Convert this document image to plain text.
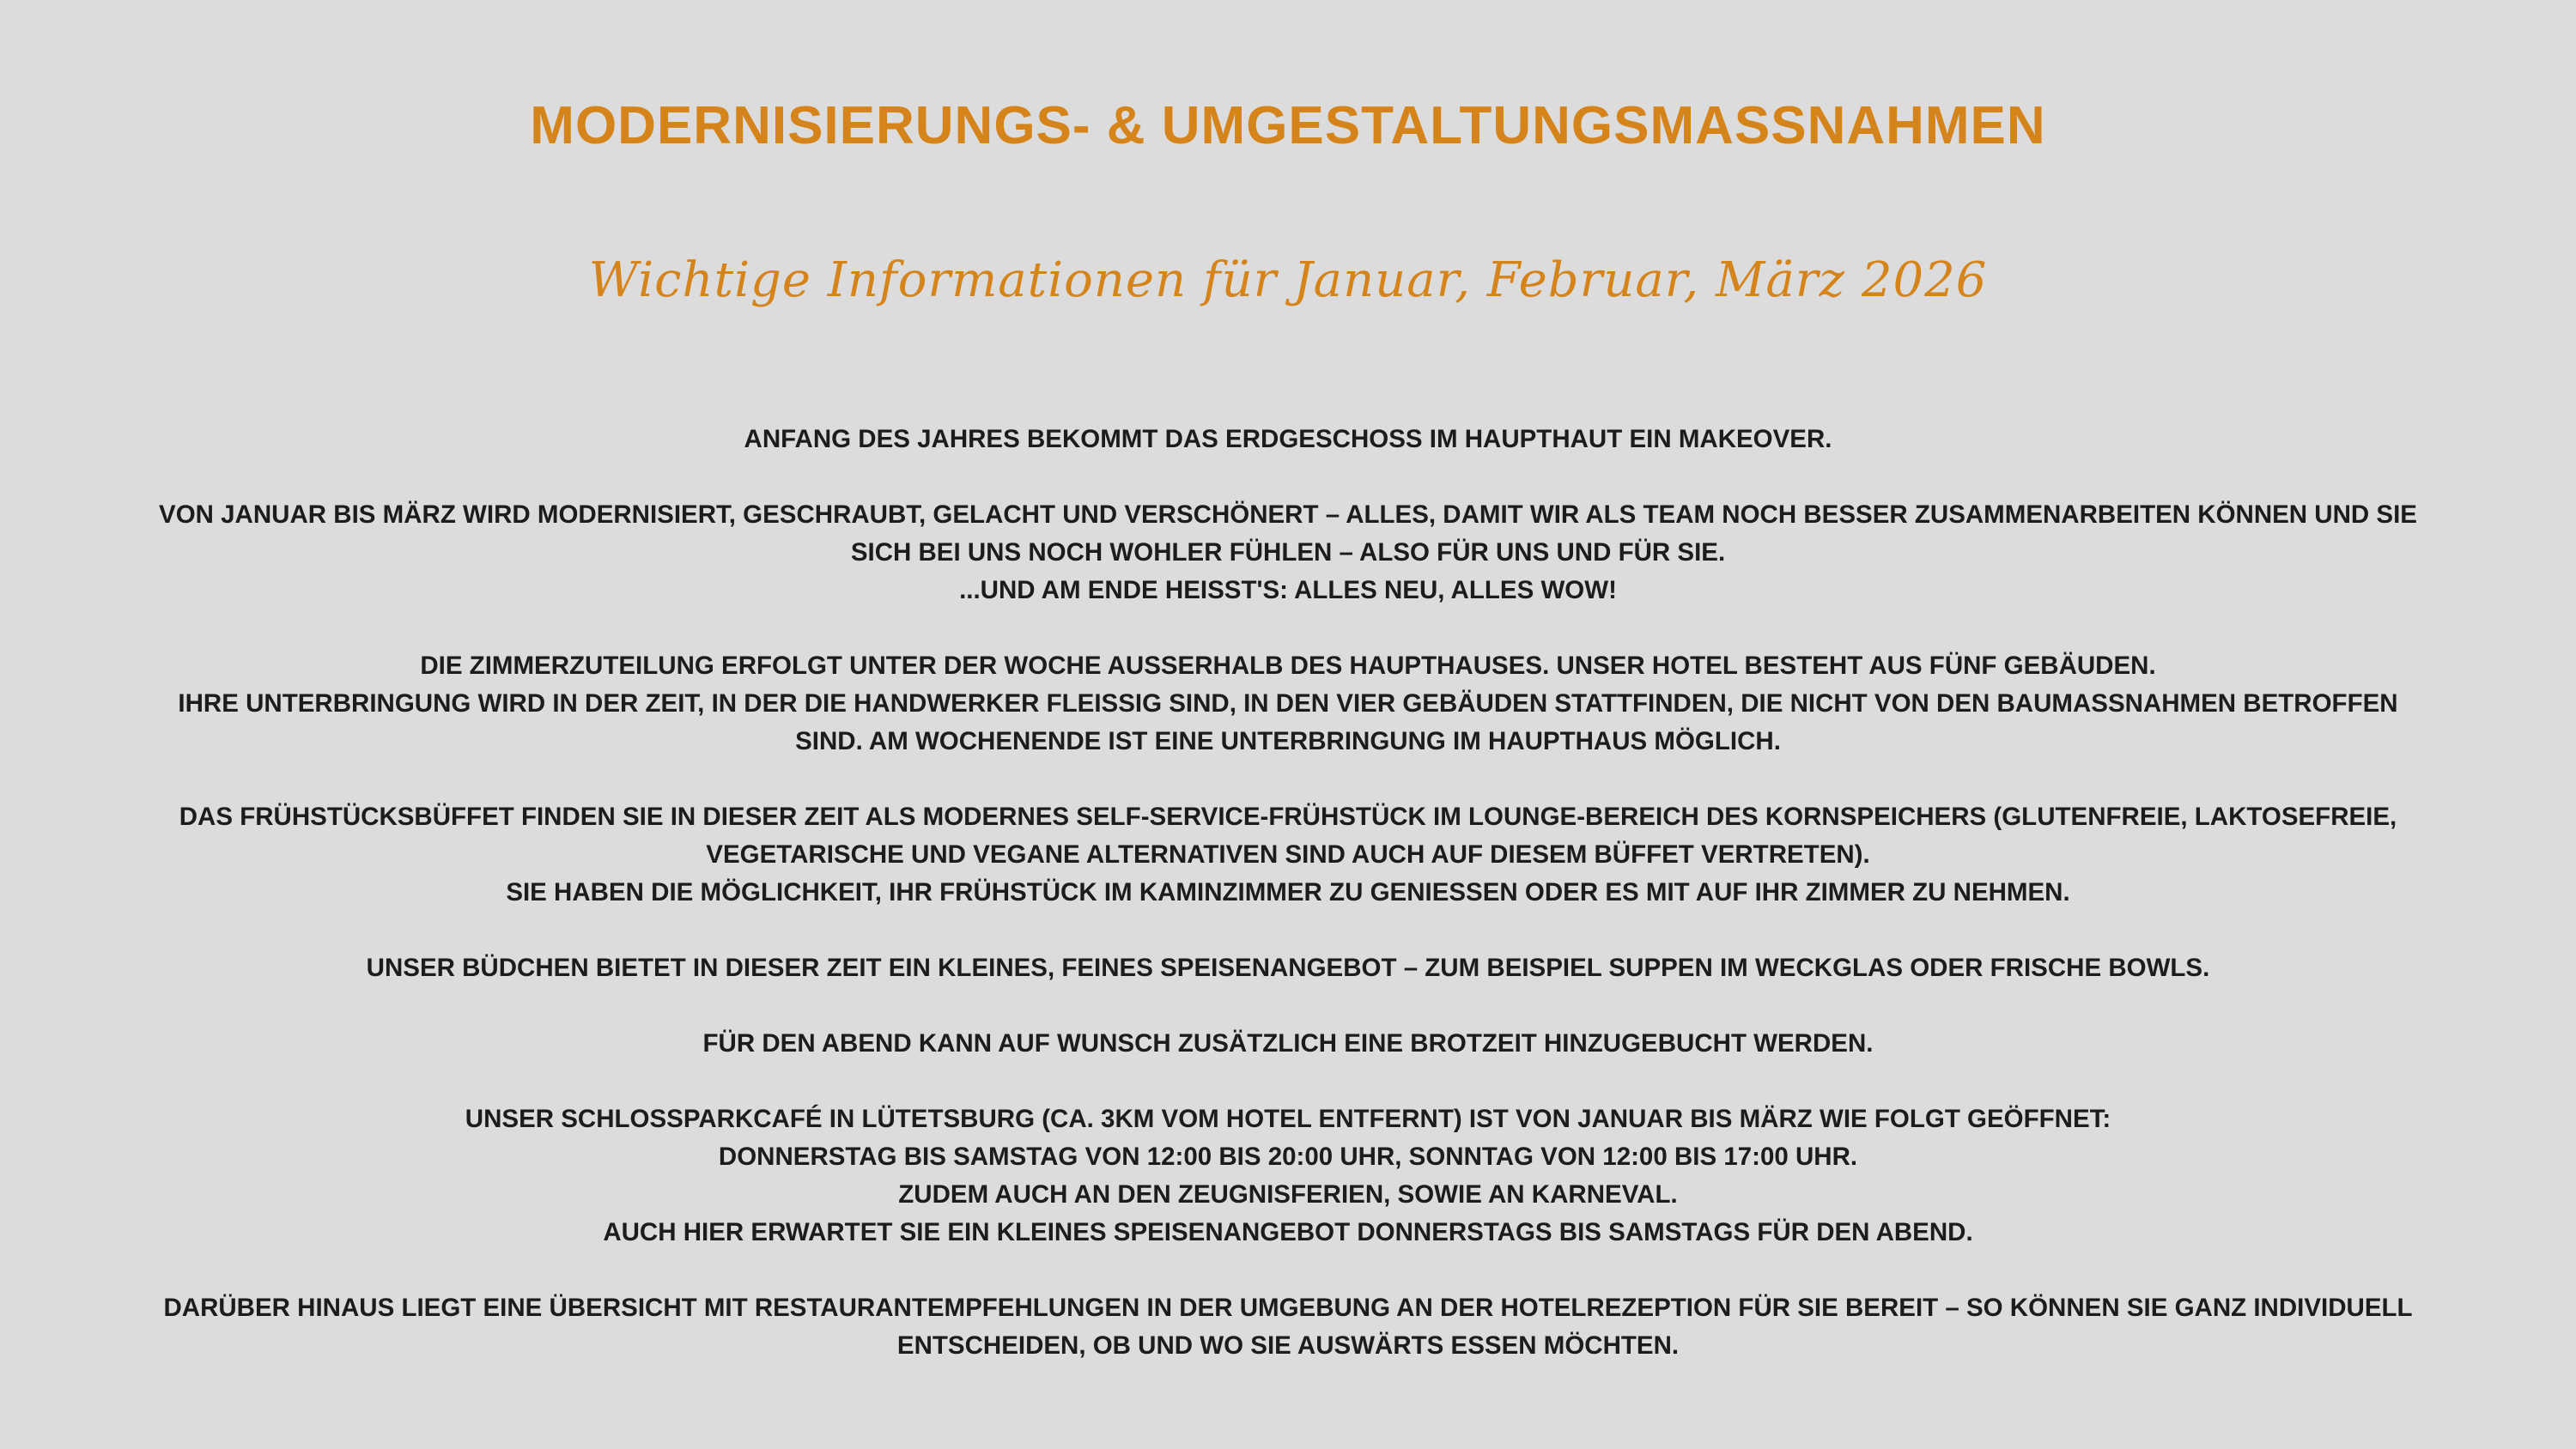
MODERNISIERUNGS- & UMGESTALTUNGSMASSNAHMEN
Wichtige Informationen für Januar, Februar, März 2026

ANFANG DES JAHRES BEKOMMT DAS ERDGESCHOSS IM HAUPTHAUT EIN MAKEOVER.

VON JANUAR BIS MÄRZ WIRD MODERNISIERT, GESCHRAUBT, GELACHT UND VERSCHÖNERT – ALLES, DAMIT WIR ALS TEAM NOCH BESSER ZUSAMMENARBEITEN KÖNNEN UND SIE
SICH BEI UNS NOCH WOHLER FÜHLEN – ALSO FÜR UNS UND FÜR SIE.
...UND AM ENDE HEISST'S: ALLES NEU, ALLES WOW!

DIE ZIMMERZUTEILUNG ERFOLGT UNTER DER WOCHE AUSSERHALB DES HAUPTHAUSES. UNSER HOTEL BESTEHT AUS FÜNF GEBÄUDEN.
IHRE UNTERBRINGUNG WIRD IN DER ZEIT, IN DER DIE HANDWERKER FLEISSIG SIND, IN DEN VIER GEBÄUDEN STATTFINDEN, DIE NICHT VON DEN BAUMASSNAHMEN BETROFFEN
SIND. AM WOCHENENDE IST EINE UNTERBRINGUNG IM HAUPTHAUS MÖGLICH.

DAS FRÜHSTÜCKSBÜFFET FINDEN SIE IN DIESER ZEIT ALS MODERNES SELF-SERVICE-FRÜHSTÜCK IM LOUNGE-BEREICH DES KORNSPEICHERS (GLUTENFREIE, LAKTOSEFREIE,
VEGETARISCHE UND VEGANE ALTERNATIVEN SIND AUCH AUF DIESEM BÜFFET VERTRETEN).
SIE HABEN DIE MÖGLICHKEIT, IHR FRÜHSTÜCK IM KAMINZIMMER ZU GENIESSEN ODER ES MIT AUF IHR ZIMMER ZU NEHMEN.

UNSER BÜDCHEN BIETET IN DIESER ZEIT EIN KLEINES, FEINES SPEISENANGEBOT – ZUM BEISPIEL SUPPEN IM WECKGLAS ODER FRISCHE BOWLS.

FÜR DEN ABEND KANN AUF WUNSCH ZUSÄTZLICH EINE BROTZEIT HINZUGEBUCHT WERDEN.

UNSER SCHLOSSPARKCAFÉ IN LÜTETSBURG (CA. 3KM VOM HOTEL ENTFERNT) IST VON JANUAR BIS MÄRZ WIE FOLGT GEÖFFNET:
DONNERSTAG BIS SAMSTAG VON 12:00 BIS 20:00 UHR, SONNTAG VON 12:00 BIS 17:00 UHR.
ZUDEM AUCH AN DEN ZEUGNISFERIEN, SOWIE AN KARNEVAL.
AUCH HIER ERWARTET SIE EIN KLEINES SPEISENANGEBOT DONNERSTAGS BIS SAMSTAGS FÜR DEN ABEND.

DARÜBER HINAUS LIEGT EINE ÜBERSICHT MIT RESTAURANTEMPFEHLUNGEN IN DER UMGEBUNG AN DER HOTELREZEPTION FÜR SIE BEREIT – SO KÖNNEN SIE GANZ INDIVIDUELL
ENTSCHEIDEN, OB UND WO SIE AUSWÄRTS ESSEN MÖCHTEN.
